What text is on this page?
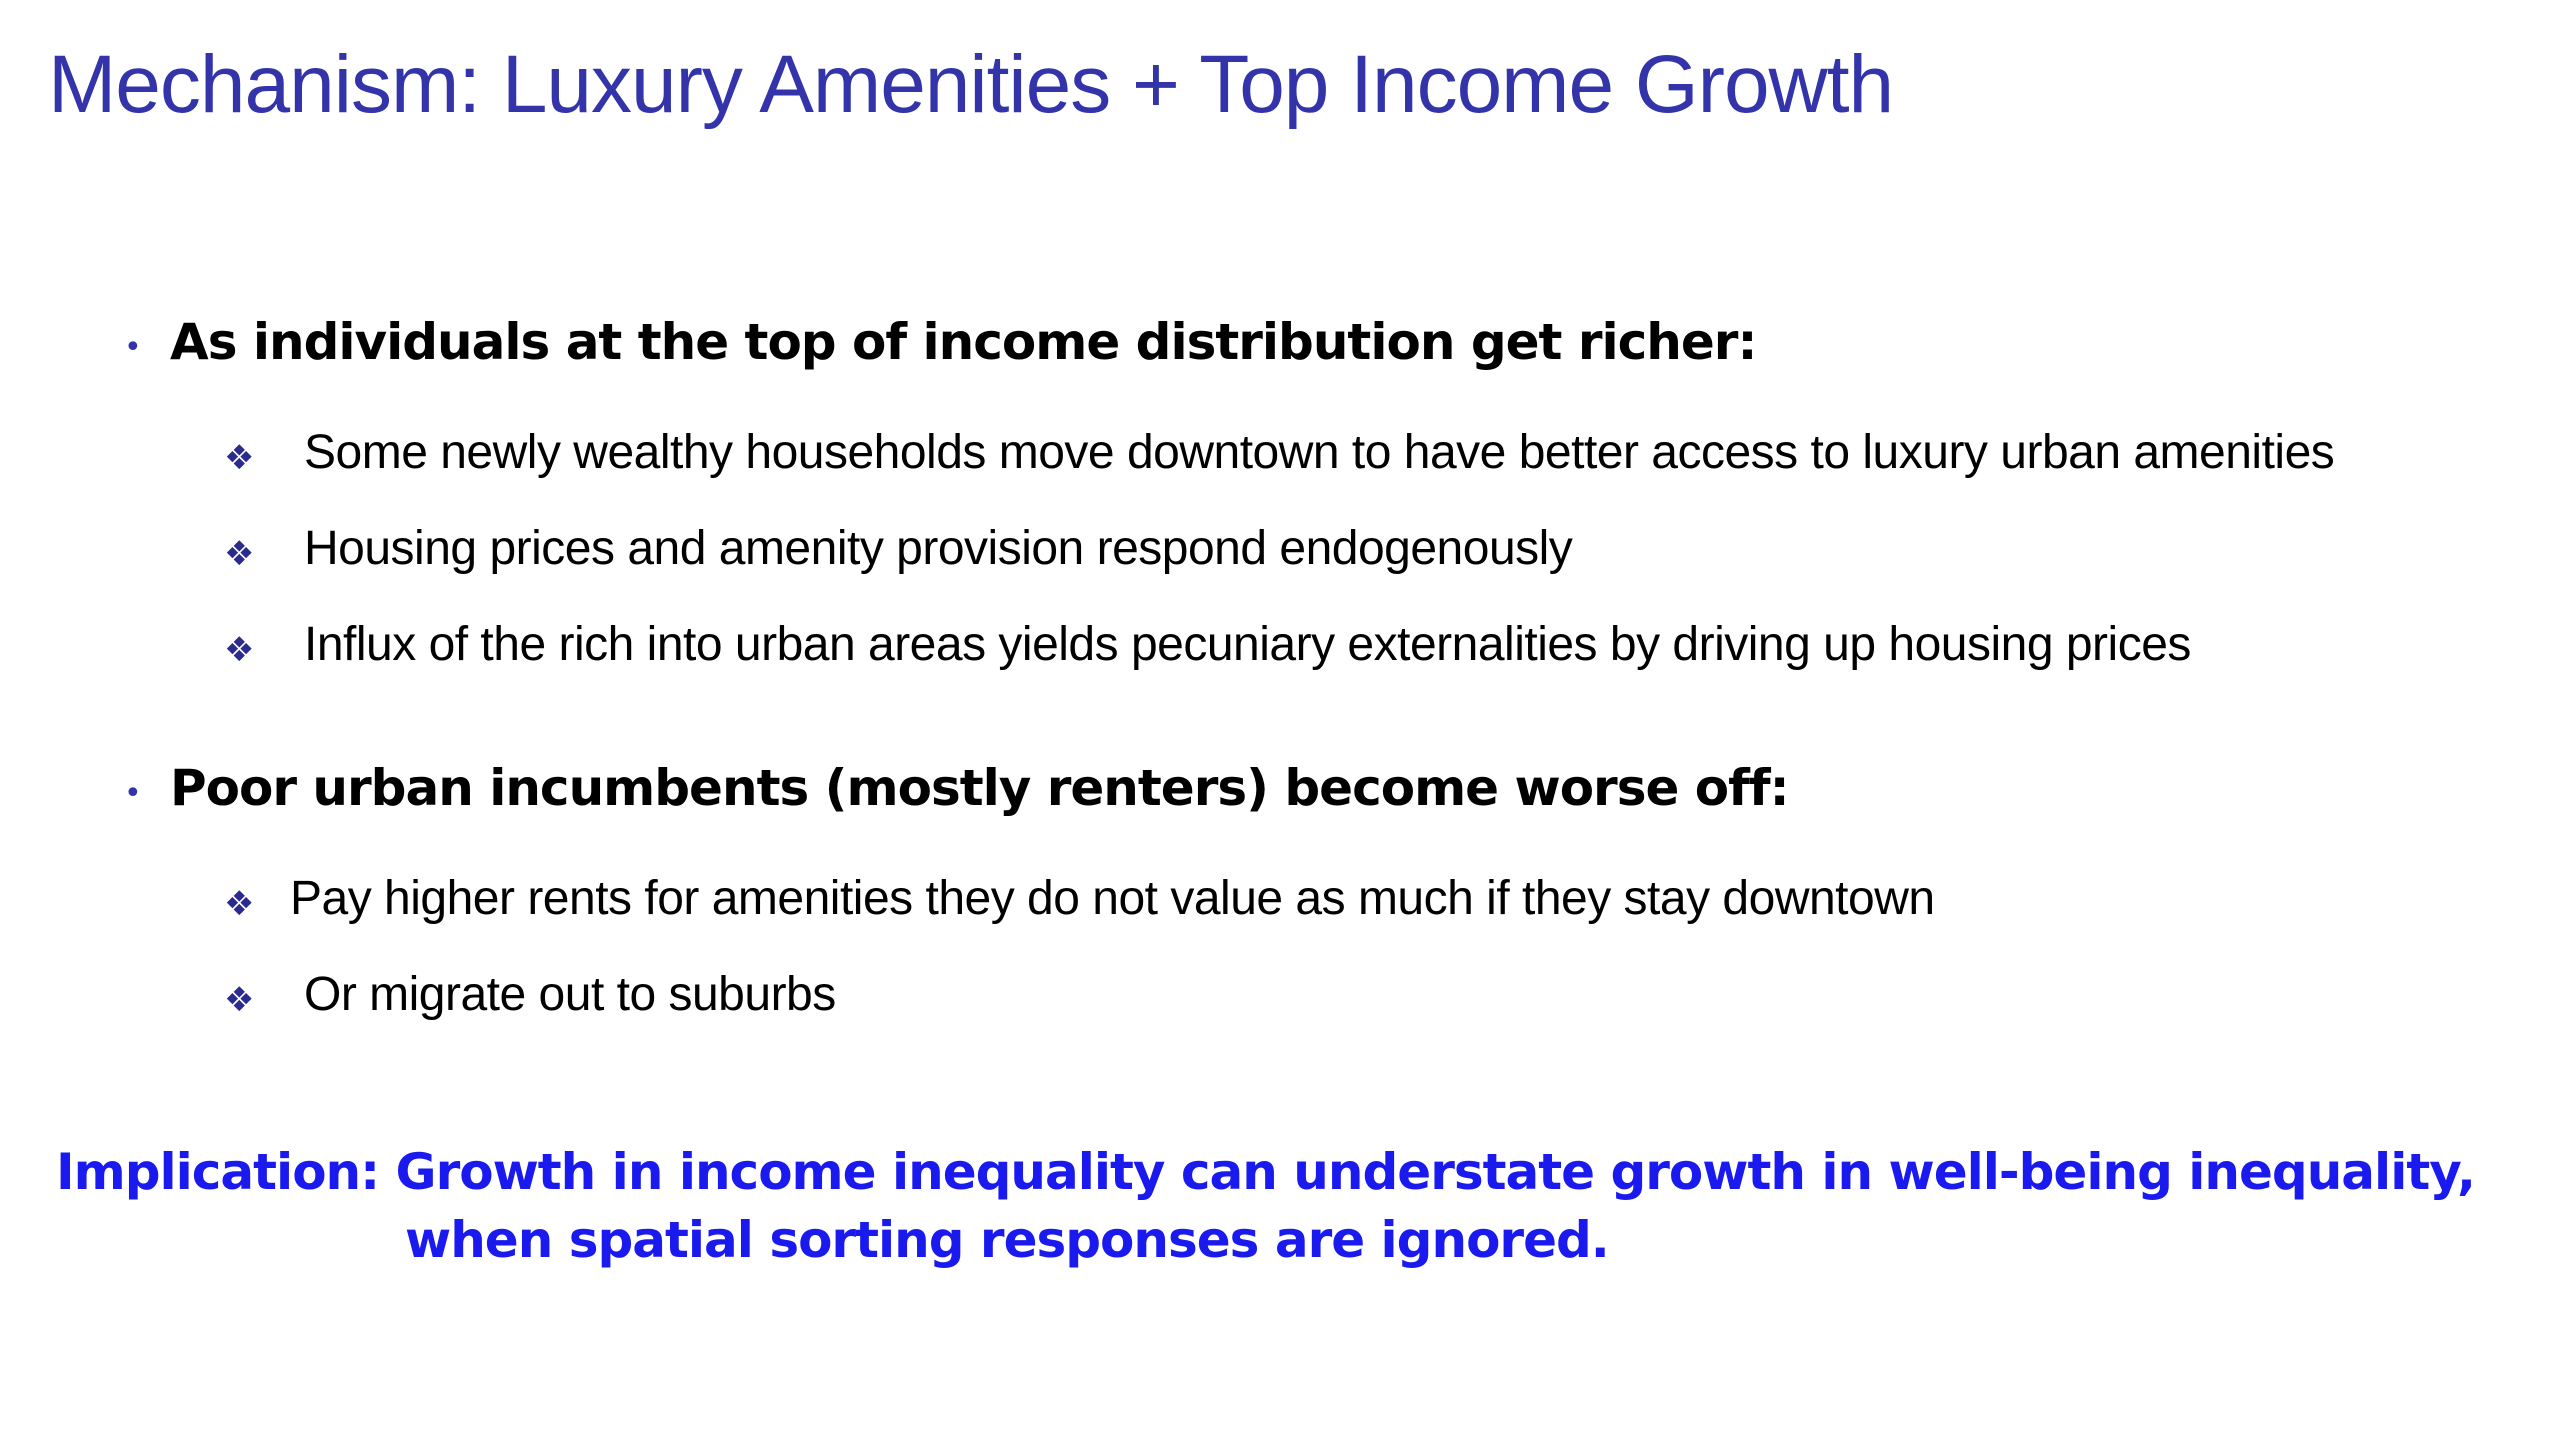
Mechanism: Luxury Amenities + Top Income Growth
• As individuals at the top of income distribution get richer:
❖ Some newly wealthy households move downtown to have better access to luxury urban amenities
❖ Housing prices and amenity provision respond endogenously
❖ Influx of the rich into urban areas yields pecuniary externalities by driving up housing prices
• Poor urban incumbents (mostly renters) become worse off:
❖ Pay higher rents for amenities they do not value as much if they stay downtown
❖ Or migrate out to suburbs
Implication: Growth in income inequality can understate growth in well-being inequality,
when spatial sorting responses are ignored.
